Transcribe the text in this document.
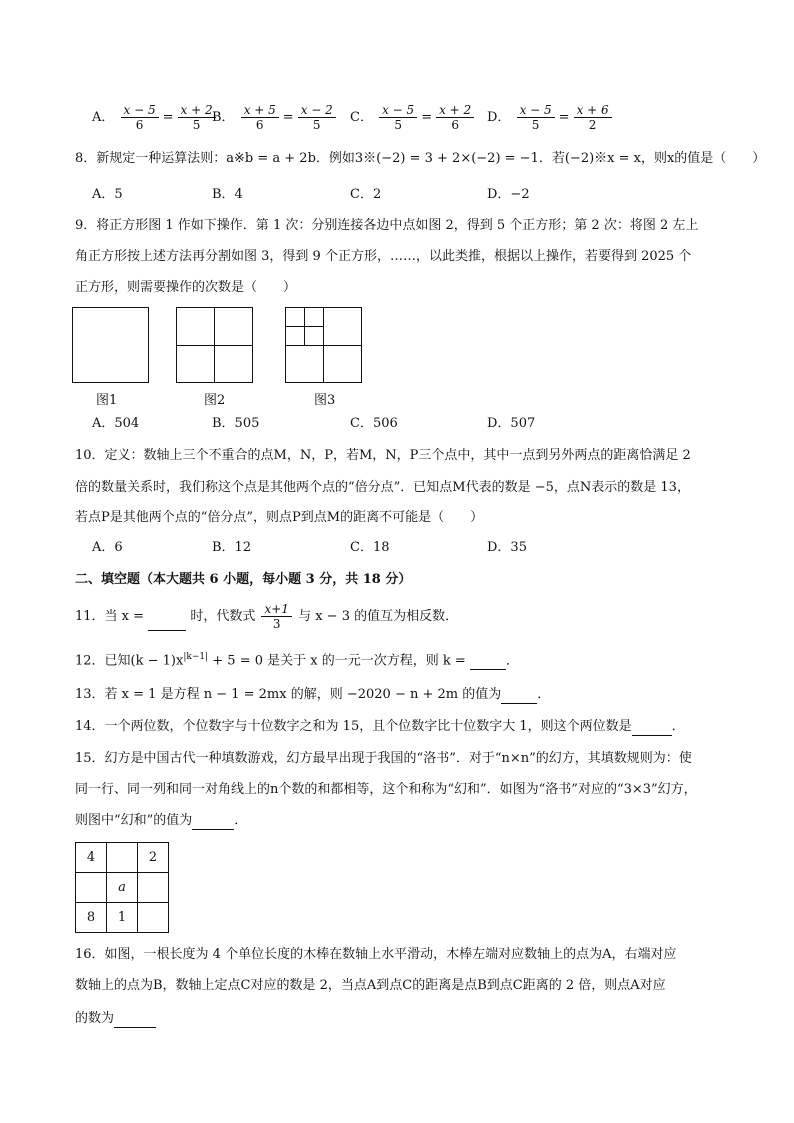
A． $\frac{x - 5}{6} = \frac{x + 2}{5}$
B． $\frac{x + 5}{6} = \frac{x - 2}{5}$ C． $\frac{x - 5}{5} = \frac{x + 2}{6}$ D． $\frac{x - 5}{5} = \frac{x + 6}{2}$
8．新规定一种运算法则：a※b = a + 2b．例如3※(−2) = 3 + 2×(−2) = −1．若(−2)※x = x，则x的值是（　　）
A．5	B．4	C．2	D．−2
9．将正方形图 1 作如下操作．第 1 次：分别连接各边中点如图 2，得到 5 个正方形；第 2 次：将图 2 左上
角正方形按上述方法再分割如图 3，得到 9 个正方形，……，以此类推，根据以上操作，若要得到 2025 个
正方形，则需要操作的次数是（　　）
图1	图2	图3
A．504	B．505	C．506	D．507
10．定义：数轴上三个不重合的点M，N，P，若M，N，P三个点中，其中一点到另外两点的距离恰满足 2
倍的数量关系时，我们称这个点是其他两个点的“倍分点”．已知点M代表的数是 −5，点N表示的数是 13，
若点P是其他两个点的“倍分点”，则点P到点M的距离不可能是（　　）
A．6	B．12	C．18	D．35
二、填空题（本大题共 6 小题，每小题 3 分，共 18 分）
11．当 x =	时，代数式 $\frac{x+1}{3}$ 与 x − 3 的值互为相反数．
12．已知$(k - 1)x^{|k-1|} + 5 = 0$ 是关于 x 的一元一次方程，则 k =	．
13．若 x = 1 是方程 n − 1 = 2mx 的解，则 −2020 − n + 2m 的值为	．
14．一个两位数，个位数字与十位数字之和为 15，且个位数字比十位数字大 1，则这个两位数是	．
15．幻方是中国古代一种填数游戏，幻方最早出现于我国的“洛书”．对于“n×n”的幻方，其填数规则为：使
同一行、同一列和同一对角线上的n个数的和都相等，这个和称为“幻和”．如图为“洛书”对应的“3×3”幻方，
则图中“幻和”的值为	．
4		2
	a	
8	1	
16．如图，一根长度为 4 个单位长度的木棒在数轴上水平滑动，木棒左端对应数轴上的点为A，右端对应
数轴上的点为B，数轴上定点C对应的数是 2，当点A到点C的距离是点B到点C距离的 2 倍，则点A对应
的数为
